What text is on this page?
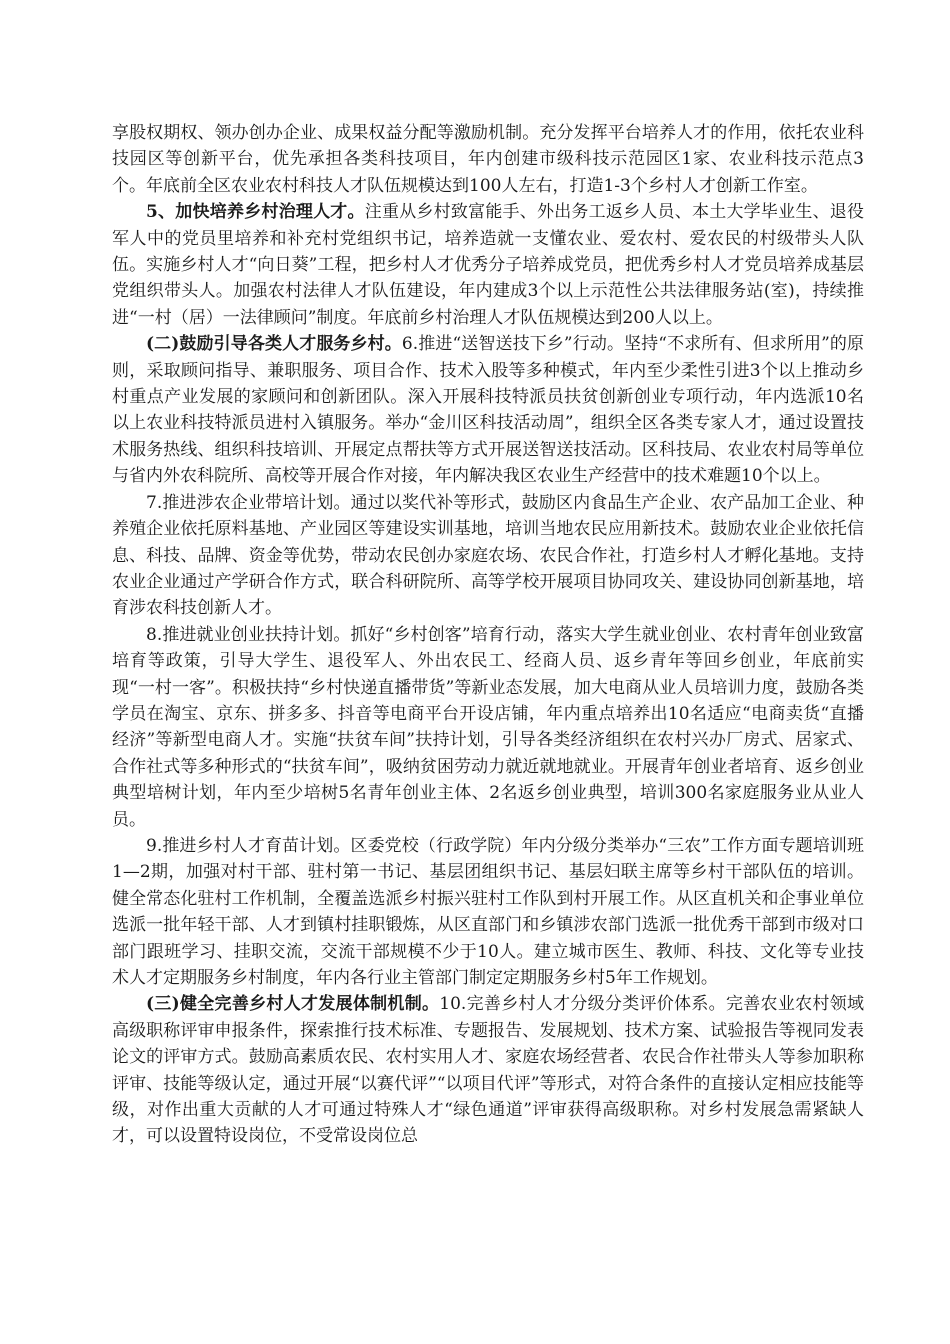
享股权期权、领办创办企业、成果权益分配等激励机制。充分发挥平台培养人才的作用，依托农业科技园区等创新平台，优先承担各类科技项目，年内创建市级科技示范园区1家、农业科技示范点3个。年底前全区农业农村科技人才队伍规模达到100人左右，打造1-3个乡村人才创新工作室。

5、加快培养乡村治理人才。注重从乡村致富能手、外出务工返乡人员、本土大学毕业生、退役军人中的党员里培养和补充村党组织书记，培养造就一支懂农业、爱农村、爱农民的村级带头人队伍。实施乡村人才“向日葵”工程，把乡村人才优秀分子培养成党员，把优秀乡村人才党员培养成基层党组织带头人。加强农村法律人才队伍建设，年内建成3个以上示范性公共法律服务站(室)，持续推进“一村（居）一法律顾问”制度。年底前乡村治理人才队伍规模达到200人以上。

(二)鼓励引导各类人才服务乡村。6.推进“送智送技下乡”行动。坚持“不求所有、但求所用”的原则，采取顾问指导、兼职服务、项目合作、技术入股等多种模式，年内至少柔性引进3个以上推动乡村重点产业发展的家顾问和创新团队。深入开展科技特派员扶贫创新创业专项行动，年内选派10名以上农业科技特派员进村入镇服务。举办“金川区科技活动周”，组织全区各类专家人才，通过设置技术服务热线、组织科技培训、开展定点帮扶等方式开展送智送技活动。区科技局、农业农村局等单位与省内外农科院所、高校等开展合作对接，年内解决我区农业生产经营中的技术难题10个以上。

7.推进涉农企业带培计划。通过以奖代补等形式，鼓励区内食品生产企业、农产品加工企业、种养殖企业依托原料基地、产业园区等建设实训基地，培训当地农民应用新技术。鼓励农业企业依托信息、科技、品牌、资金等优势，带动农民创办家庭农场、农民合作社，打造乡村人才孵化基地。支持农业企业通过产学研合作方式，联合科研院所、高等学校开展项目协同攻关、建设协同创新基地，培育涉农科技创新人才。

8.推进就业创业扶持计划。抓好“乡村创客”培育行动，落实大学生就业创业、农村青年创业致富培育等政策，引导大学生、退役军人、外出农民工、经商人员、返乡青年等回乡创业，年底前实现“一村一客”。积极扶持“乡村快递直播带货”等新业态发展，加大电商从业人员培训力度，鼓励各类学员在淘宝、京东、拼多多、抖音等电商平台开设店铺，年内重点培养出10名适应“电商卖货“直播经济”等新型电商人才。实施“扶贫车间”扶持计划，引导各类经济组织在农村兴办厂房式、居家式、合作社式等多种形式的“扶贫车间”，吸纳贫困劳动力就近就地就业。开展青年创业者培育、返乡创业典型培树计划，年内至少培树5名青年创业主体、2名返乡创业典型，培训300名家庭服务业从业人员。

9.推进乡村人才育苗计划。区委党校（行政学院）年内分级分类举办“三农”工作方面专题培训班1—2期，加强对村干部、驻村第一书记、基层团组织书记、基层妇联主席等乡村干部队伍的培训。健全常态化驻村工作机制，全覆盖选派乡村振兴驻村工作队到村开展工作。从区直机关和企事业单位选派一批年轻干部、人才到镇村挂职锻炼，从区直部门和乡镇涉农部门选派一批优秀干部到市级对口部门跟班学习、挂职交流，交流干部规模不少于10人。建立城市医生、教师、科技、文化等专业技术人才定期服务乡村制度，年内各行业主管部门制定定期服务乡村5年工作规划。

(三)健全完善乡村人才发展体制机制。10.完善乡村人才分级分类评价体系。完善农业农村领域高级职称评审申报条件，探索推行技术标准、专题报告、发展规划、技术方案、试验报告等视同发表论文的评审方式。鼓励高素质农民、农村实用人才、家庭农场经营者、农民合作社带头人等参加职称评审、技能等级认定，通过开展“以赛代评”“以项目代评”等形式，对符合条件的直接认定相应技能等级，对作出重大贡献的人才可通过特殊人才“绿色通道”评审获得高级职称。对乡村发展急需紧缺人才，可以设置特设岗位，不受常设岗位总
